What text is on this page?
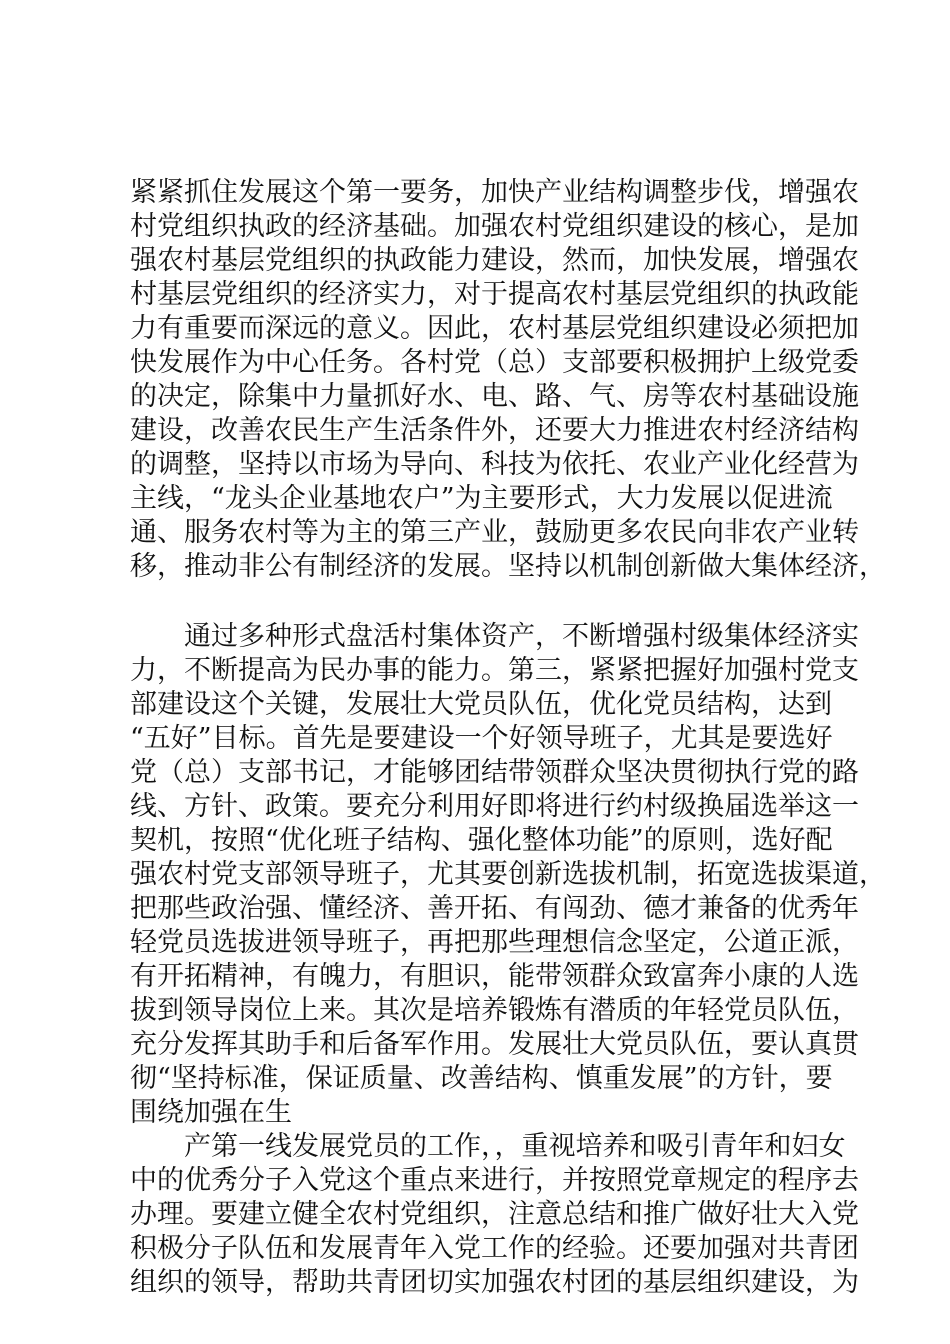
紧紧抓住发展这个第一要务，加快产业结构调整步伐，增强农
村党组织执政的经济基础。加强农村党组织建设的核心，是加
强农村基层党组织的执政能力建设，然而，加快发展，增强农
村基层党组织的经济实力，对于提高农村基层党组织的执政能
力有重要而深远的意义。因此，农村基层党组织建设必须把加
快发展作为中心任务。各村党（总）支部要积极拥护上级党委
的决定，除集中力量抓好水、电、路、气、房等农村基础设施
建设，改善农民生产生活条件外，还要大力推进农村经济结构
的调整，坚持以市场为导向、科技为依托、农业产业化经营为
主线，“龙头企业基地农户”为主要形式，大力发展以促进流
通、服务农村等为主的第三产业，鼓励更多农民向非农产业转
移，推动非公有制经济的发展。坚持以机制创新做大集体经济，
　　通过多种形式盘活村集体资产，不断增强村级集体经济实
力，不断提高为民办事的能力。第三，紧紧把握好加强村党支
部建设这个关键，发展壮大党员队伍，优化党员结构，达到
“五好”目标。首先是要建设一个好领导班子，尤其是要选好
党（总）支部书记，才能够团结带领群众坚决贯彻执行党的路
线、方针、政策。要充分利用好即将进行约村级换届选举这一
契机，按照“优化班子结构、强化整体功能”的原则，选好配
强农村党支部领导班子，尤其要创新选拔机制，拓宽选拔渠道，
把那些政治强、懂经济、善开拓、有闯劲、德才兼备的优秀年
轻党员选拔进领导班子，再把那些理想信念坚定，公道正派，
有开拓精神，有魄力，有胆识，能带领群众致富奔小康的人选
拔到领导岗位上来。其次是培养锻炼有潜质的年轻党员队伍，
充分发挥其助手和后备军作用。发展壮大党员队伍，要认真贯
彻“坚持标准，保证质量、改善结构、慎重发展”的方针，要
围绕加强在生
　　产第一线发展党员的工作，，重视培养和吸引青年和妇女
中的优秀分子入党这个重点来进行，并按照党章规定的程序去
办理。要建立健全农村党组织，注意总结和推广做好壮大入党
积极分子队伍和发展青年入党工作的经验。还要加强对共青团
组织的领导，帮助共青团切实加强农村团的基层组织建设，为
